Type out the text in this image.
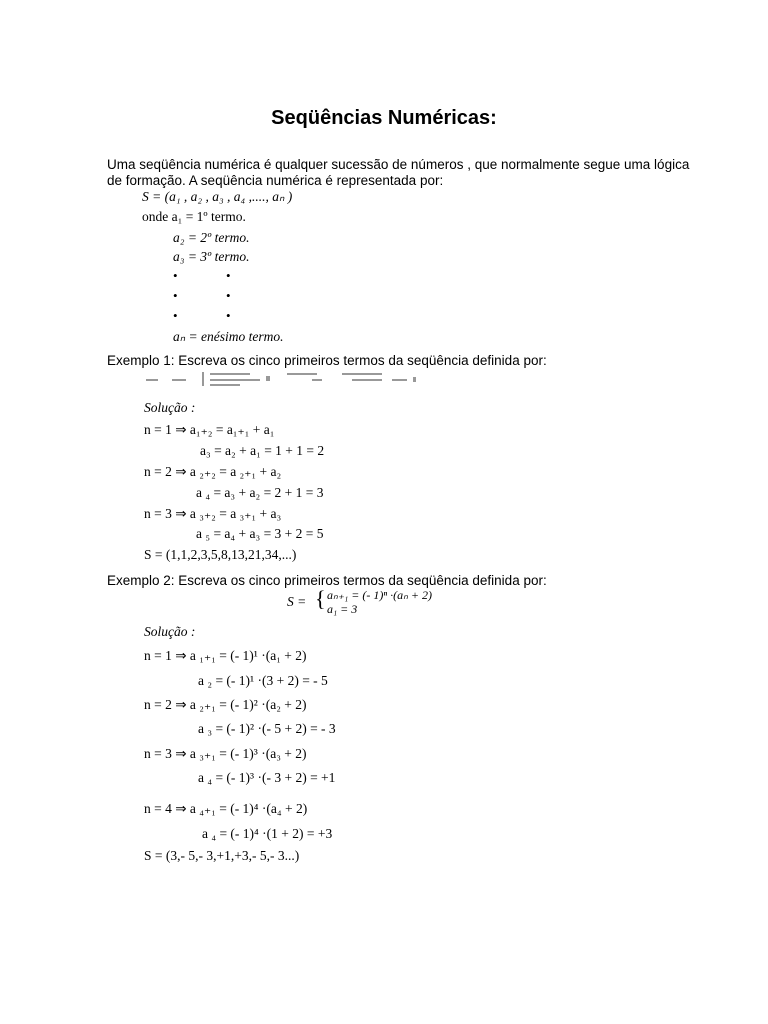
Seqüências Numéricas:
Uma seqüência numérica é qualquer sucessão de números , que normalmente segue uma lógica
de formação. A seqüência numérica é representada por:
S = (a₁ , a₂ , a₃ , a₄ ,...., aₙ )
onde a₁ = 1º termo.
a₂ = 2º termo.
a₃ = 3º termo.
•	•
•	•
•	•
aₙ = enésimo termo.
Exemplo 1: Escreva os cinco primeiros termos da seqüência definida por:
Solução :
n = 1 ⇒ a₁₊₂ = a₁₊₁ + a₁
a₃ = a₂ + a₁ = 1 + 1 = 2
n = 2 ⇒ a ₂₊₂ = a ₂₊₁ + a₂
a ₄ = a₃ + a₂ = 2 + 1 = 3
n = 3 ⇒ a ₃₊₂ = a ₃₊₁ + a₃
a ₅ = a₄ + a₃ = 3 + 2 = 5
S = (1,1,2,3,5,8,13,21,34,...)
Exemplo 2: Escreva os cinco primeiros termos da seqüência definida por:
S = { aₙ₊₁ = (- 1)ⁿ ·(aₙ + 2)
a₁ = 3
Solução :
n = 1 ⇒ a ₁₊₁ = (- 1)¹ ·(a₁ + 2)
a ₂ = (- 1)¹ ·(3 + 2) = - 5
n = 2 ⇒ a ₂₊₁ = (- 1)² ·(a₂ + 2)
a ₃ = (- 1)² ·(- 5 + 2) = - 3
n = 3 ⇒ a ₃₊₁ = (- 1)³ ·(a₃ + 2)
a ₄ = (- 1)³ ·(- 3 + 2) = +1
n = 4 ⇒ a ₄₊₁ = (- 1)⁴ ·(a₄ + 2)
a ₄ = (- 1)⁴ ·(1 + 2) = +3
S = (3,- 5,- 3,+1,+3,- 5,- 3...)
